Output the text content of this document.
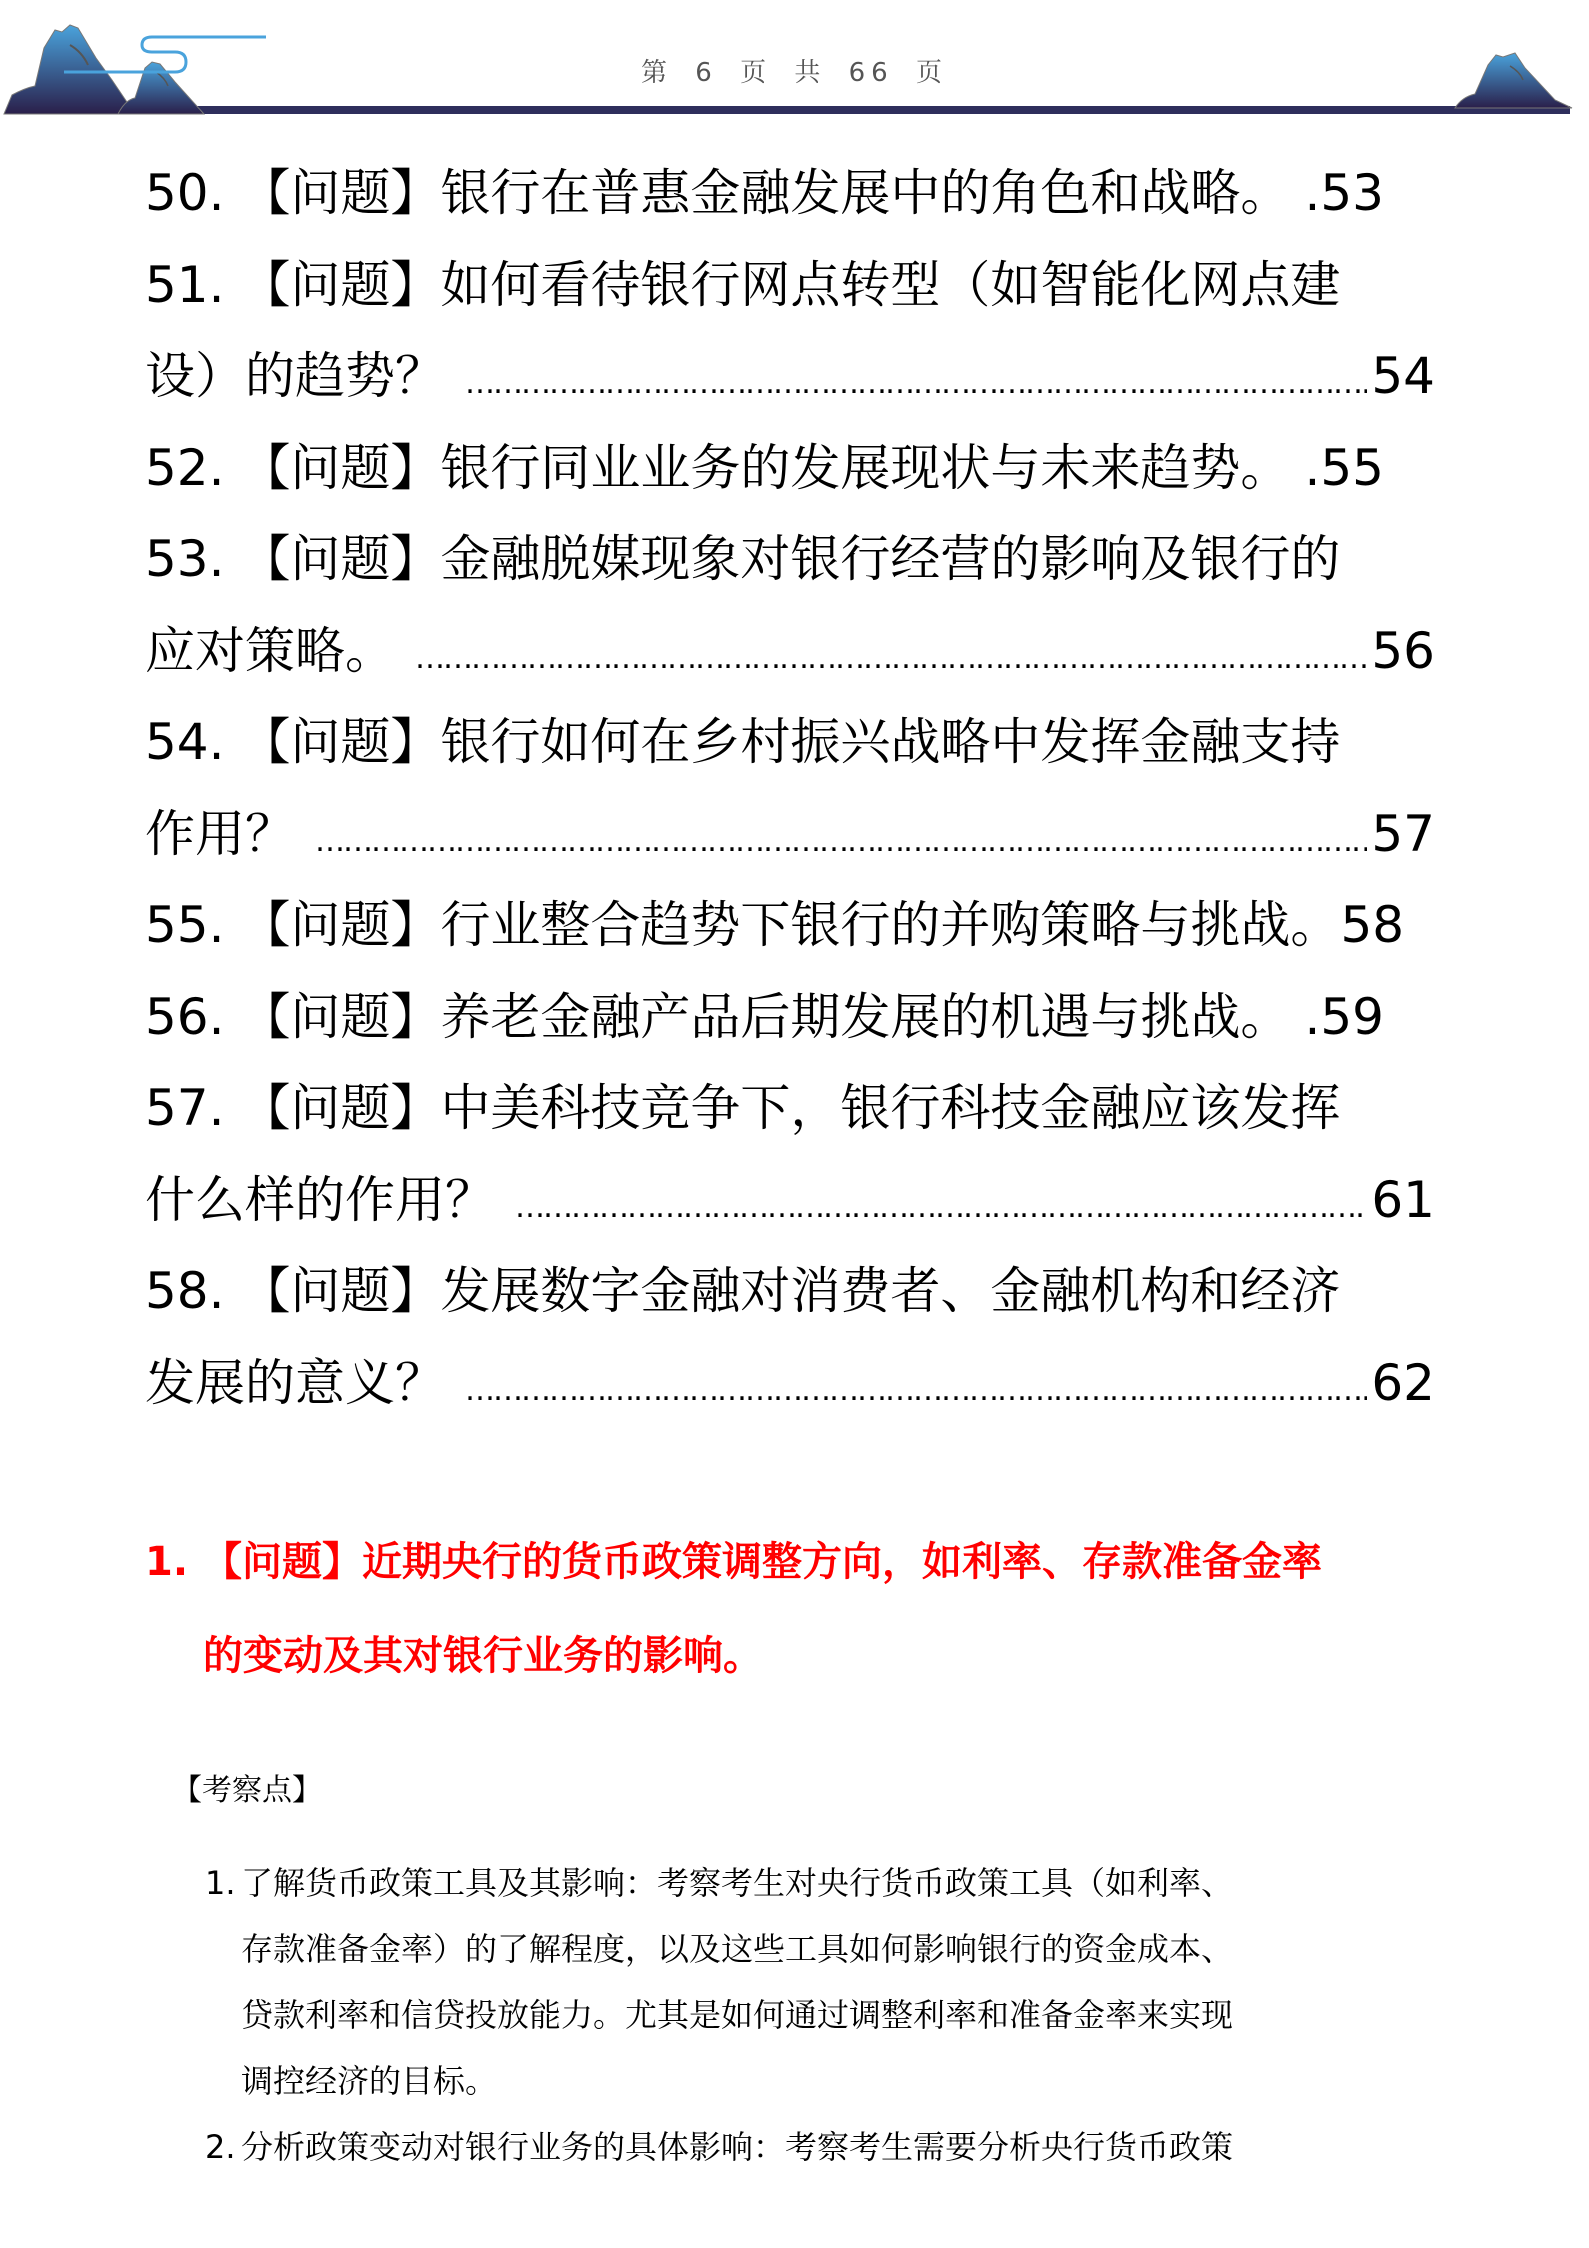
第 6 页 共 66 页
50. 【问题】银行在普惠金融发展中的角色和战略。 .53
51. 【问题】如何看待银行网点转型（如智能化网点建
设）的趋势？ ……………………………………………………………………………………………………………………………………………………………………………………………………	54
52. 【问题】银行同业业务的发展现状与未来趋势。 .55
53. 【问题】金融脱媒现象对银行经营的影响及银行的
应对策略。 ……………………………………………………………………………………………………………………………………………………………………………………………………	56
54. 【问题】银行如何在乡村振兴战略中发挥金融支持
作用？ ……………………………………………………………………………………………………………………………………………………………………………………………………	57
55. 【问题】行业整合趋势下银行的并购策略与挑战。 58
56. 【问题】养老金融产品后期发展的机遇与挑战。 .59
57. 【问题】中美科技竞争下，银行科技金融应该发挥
什么样的作用？ ……………………………………………………………………………………………………………………………………………………………………………………………………	61
58. 【问题】发展数字金融对消费者、金融机构和经济
发展的意义？ ……………………………………………………………………………………………………………………………………………………………………………………………………	62
1. 【问题】近期央行的货币政策调整方向，如利率、存款准备金率
的变动及其对银行业务的影响。
【考察点】
1. 了解货币政策工具及其影响：考察考生对央行货币政策工具（如利率、
存款准备金率）的了解程度，以及这些工具如何影响银行的资金成本、
贷款利率和信贷投放能力。尤其是如何通过调整利率和准备金率来实现
调控经济的目标。
2. 分析政策变动对银行业务的具体影响：考察考生需要分析央行货币政策
